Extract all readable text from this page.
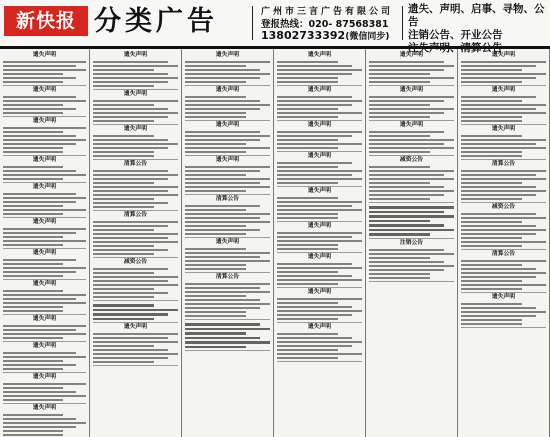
新快报 分类广告	广州市三言广告有限公司
登报热线：020- 87568381
13802733392(微信同步)
遗失、声明、启事、寻物、公告
注销公告、开业公告
注失声明、清算公告
遗失声明
遗失声明
遗失声明
遗失声明
遗失声明
遗失声明
遗失声明
遗失声明
遗失声明
遗失声明
遗失声明
遗失声明
遗失声明
遗失声明
遗失声明
清算公告
清算公告
减资公告
遗失声明
遗失声明
遗失声明
遗失声明
遗失声明
清算公告
遗失声明
清算公告
遗失声明
遗失声明
遗失声明
遗失声明
遗失声明
遗失声明
遗失声明
遗失声明
遗失声明
遗失声明
遗失声明
遗失声明
减资公告
注销公告
遗失声明
遗失声明
遗失声明
清算公告
减资公告
清算公告
遗失声明
